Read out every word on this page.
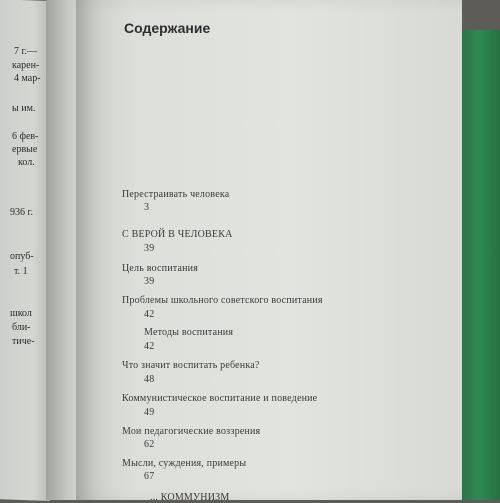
7 г.—
карен-
4 мар-
ы им.
6 фев-
ервые
кол.
936 г.
опуб-
т. 1
школ
бли-
тиче-
Содержание
Перестраивать человека
3
С ВЕРОЙ В ЧЕЛОВЕКА
39
Цель воспитания
39
Проблемы школьного советского воспитания
42
Методы воспитания
42
Что значит воспитать ребенка?
48
Коммунистическое воспитание и поведение
49
Мои педагогические воззрения
62
Мысли, суждения, примеры
67
... КОММУНИЗМ
